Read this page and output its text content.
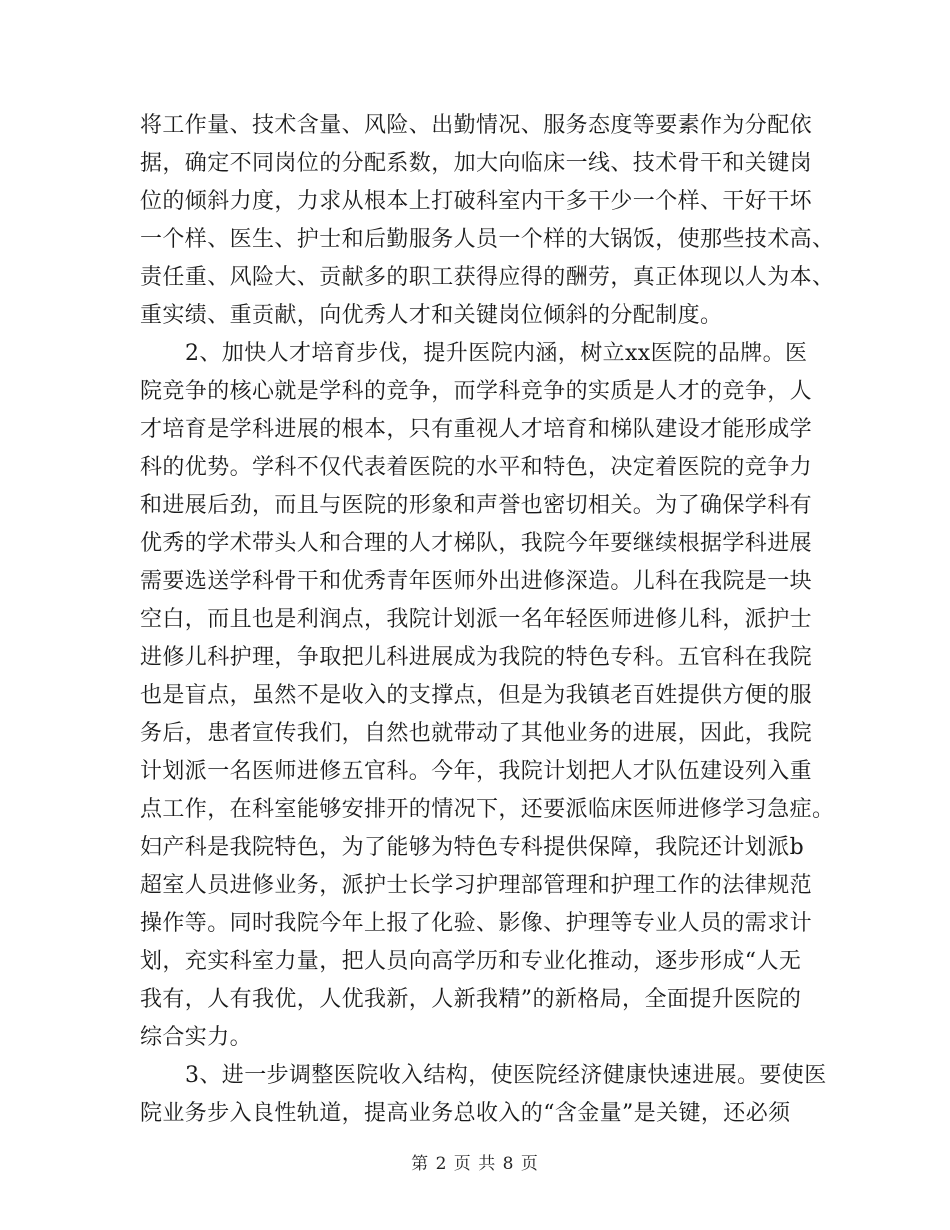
将工作量、技术含量、风险、出勤情况、服务态度等要素作为分配依
据，确定不同岗位的分配系数，加大向临床一线、技术骨干和关键岗
位的倾斜力度，力求从根本上打破科室内干多干少一个样、干好干坏
一个样、医生、护士和后勤服务人员一个样的大锅饭，使那些技术高、
责任重、风险大、贡献多的职工获得应得的酬劳，真正体现以人为本、
重实绩、重贡献，向优秀人才和关键岗位倾斜的分配制度。
2、加快人才培育步伐，提升医院内涵，树立xx医院的品牌。医
院竞争的核心就是学科的竞争，而学科竞争的实质是人才的竞争，人
才培育是学科进展的根本，只有重视人才培育和梯队建设才能形成学
科的优势。学科不仅代表着医院的水平和特色，决定着医院的竞争力
和进展后劲，而且与医院的形象和声誉也密切相关。为了确保学科有
优秀的学术带头人和合理的人才梯队，我院今年要继续根据学科进展
需要选送学科骨干和优秀青年医师外出进修深造。儿科在我院是一块
空白，而且也是利润点，我院计划派一名年轻医师进修儿科，派护士
进修儿科护理，争取把儿科进展成为我院的特色专科。五官科在我院
也是盲点，虽然不是收入的支撑点，但是为我镇老百姓提供方便的服
务后，患者宣传我们，自然也就带动了其他业务的进展，因此，我院
计划派一名医师进修五官科。今年，我院计划把人才队伍建设列入重
点工作，在科室能够安排开的情况下，还要派临床医师进修学习急症。
妇产科是我院特色，为了能够为特色专科提供保障，我院还计划派b
超室人员进修业务，派护士长学习护理部管理和护理工作的法律规范
操作等。同时我院今年上报了化验、影像、护理等专业人员的需求计
划，充实科室力量，把人员向高学历和专业化推动，逐步形成“人无
我有，人有我优，人优我新，人新我精”的新格局，全面提升医院的
综合实力。
3、进一步调整医院收入结构，使医院经济健康快速进展。要使医
院业务步入良性轨道，提高业务总收入的“含金量”是关键，还必须
第 2 页 共 8 页
